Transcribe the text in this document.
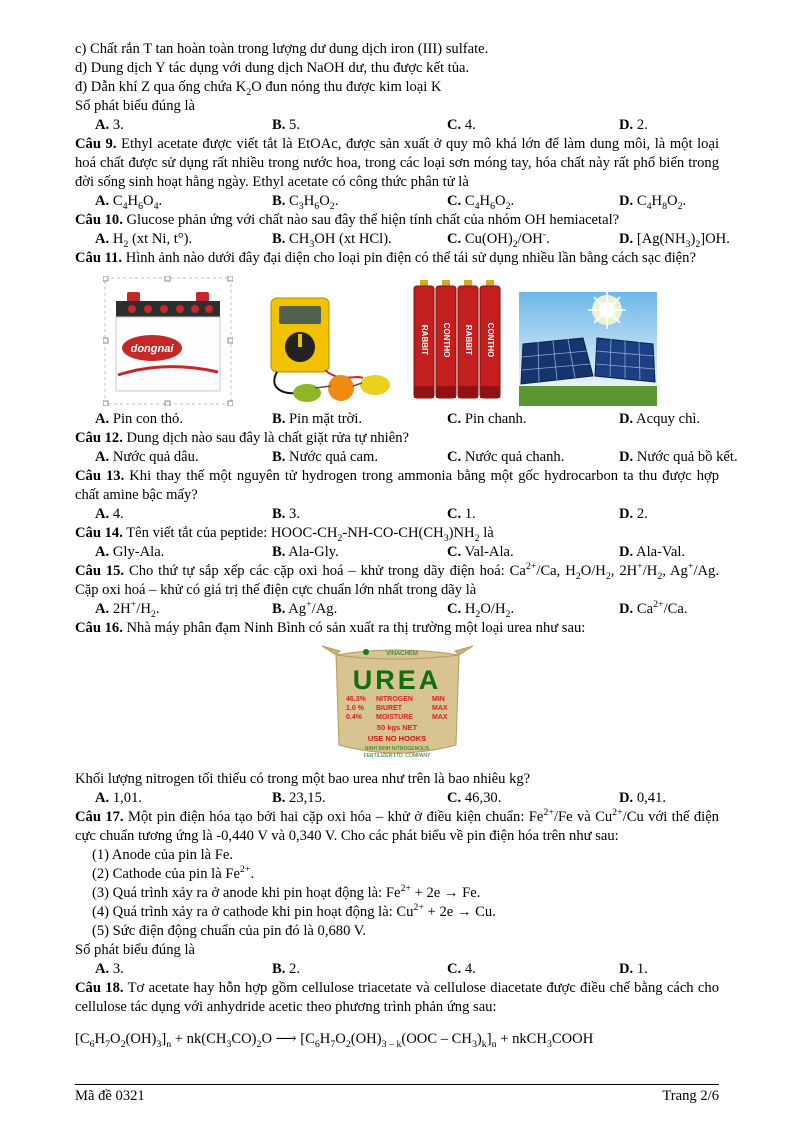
c) Chất rắn T tan hoàn toàn trong lượng dư dung dịch iron (III) sulfate.

d) Dung dịch Y tác dụng với dung dịch NaOH dư, thu được kết tủa.

đ) Dẫn khí Z qua ống chứa $K_2O$ đun nóng thu được kim loại K

Số phát biểu đúng là

A. 3.	B. 5.	C. 4.	D. 2.

Câu 9. Ethyl acetate được viết tắt là EtOAc, được sản xuất ở quy mô khá lớn để làm dung môi, là một loại hoá chất được sử dụng rất nhiều trong nước hoa, trong các loại sơn móng tay, hóa chất này rất phổ biến trong đời sống sinh hoạt hằng ngày. Ethyl acetate có công thức phân tử là

A. $C_4H_6O_4$.	B. $C_3H_6O_2$.	C. $C_4H_6O_2$.	D. $C_4H_8O_2$.

Câu 10. Glucose phản ứng với chất nào sau đây thể hiện tính chất của nhóm OH hemiacetal?

A. $H_2$ (xt Ni, t°).	B. $CH_3OH$ (xt HCl).	C. $Cu(OH)_2/OH^-$.	D. $[Ag(NH_3)_2]OH$.

Câu 11. Hình ảnh nào dưới đây đại diện cho loại pin điện có thể tái sử dụng nhiều lần bằng cách sạc điện?

dongnai	RABBIT CONTHO RABBIT CONTHO
A. Pin con thỏ.	B. Pin mặt trời.	C. Pin chanh.	D. Acquy chì.

Câu 12. Dung dịch nào sau đây là chất giặt rửa tự nhiên?

A. Nước quả dâu.	B. Nước quả cam.	C. Nước quả chanh.	D. Nước quả bồ kết.

Câu 13. Khi thay thế một nguyên tử hydrogen trong ammonia bằng một gốc hydrocarbon ta thu được hợp chất amine bậc mấy?

A. 4.	B. 3.	C. 1.	D. 2.

Câu 14. Tên viết tắt của peptide: HOOC-$CH_2-NH-CO-CH(CH_3)NH_2$ là

A. Gly-Ala.	B. Ala-Gly.	C. Val-Ala.	D. Ala-Val.

Câu 15. Cho thứ tự sắp xếp các cặp oxi hoá – khử trong dãy điện hoá: $Ca^{2+}/Ca$, $H_2O/H_2$, $2H^+/H_2$, Ag+/Ag. Cặp oxi hoá – khử có giá trị thế điện cực chuẩn lớn nhất trong dãy là

A. $2H^+/H_2$.	B. Ag+/Ag.	C. $H_2O/H_2$.	D. $Ca^{2+}/Ca$.

Câu 16. Nhà máy phân đạm Ninh Bình có sản xuất ra thị trường một loại urea như sau:

VINACHEM
UREA
46.3% NITROGEN	MIN
1.0 % BIURET	MAX
0.4% MOISTURE	MAX
50 kgs NET
USE NO HOOKS
NINH BINH NITROGENOUS
FERTILIZER LTD. COMPANY

Khối lượng nitrogen tối thiểu có trong một bao urea như trên là bao nhiêu kg?

A. 1,01.	B. 23,15.	C. 46,30.	D. 0,41.

Câu 17. Một pin điện hóa tạo bởi hai cặp oxi hóa – khử ở điều kiện chuẩn: $Fe^{2+}/Fe$ và $Cu^{2+}/Cu$ với thế điện cực chuẩn tương ứng là -0,440 V và 0,340 V. Cho các phát biểu về pin điện hóa trên như sau:

(1) Anode của pin là Fe.

(2) Cathode của pin là $Fe^{2+}$.

(3) Quá trình xảy ra ở anode khi pin hoạt động là: $Fe^{2+} + 2e \to Fe$.

(4) Quá trình xảy ra ở cathode khi pin hoạt động là: $Cu^{2+} + 2e \to Cu$.

(5) Sức điện động chuẩn của pin đó là 0,680 V.

Số phát biểu đúng là

A. 3.	B. 2.	C. 4.	D. 1.

Câu 18. Tơ acetate hay hỗn hợp gồm cellulose triacetate và cellulose diacetate được điều chế bằng cách cho cellulose tác dụng với anhydride acetic theo phương trình phản ứng sau:

$[C_6H_7O_2(OH)_3]_n + nk(CH_3CO)_2O$ ⟶ $[C_6H_7O_2(OH)_{3 - k}(OOC - CH_3)_k]_n$ + nkCH$_3$COOH

Mã đề 0321	Trang 2/6
